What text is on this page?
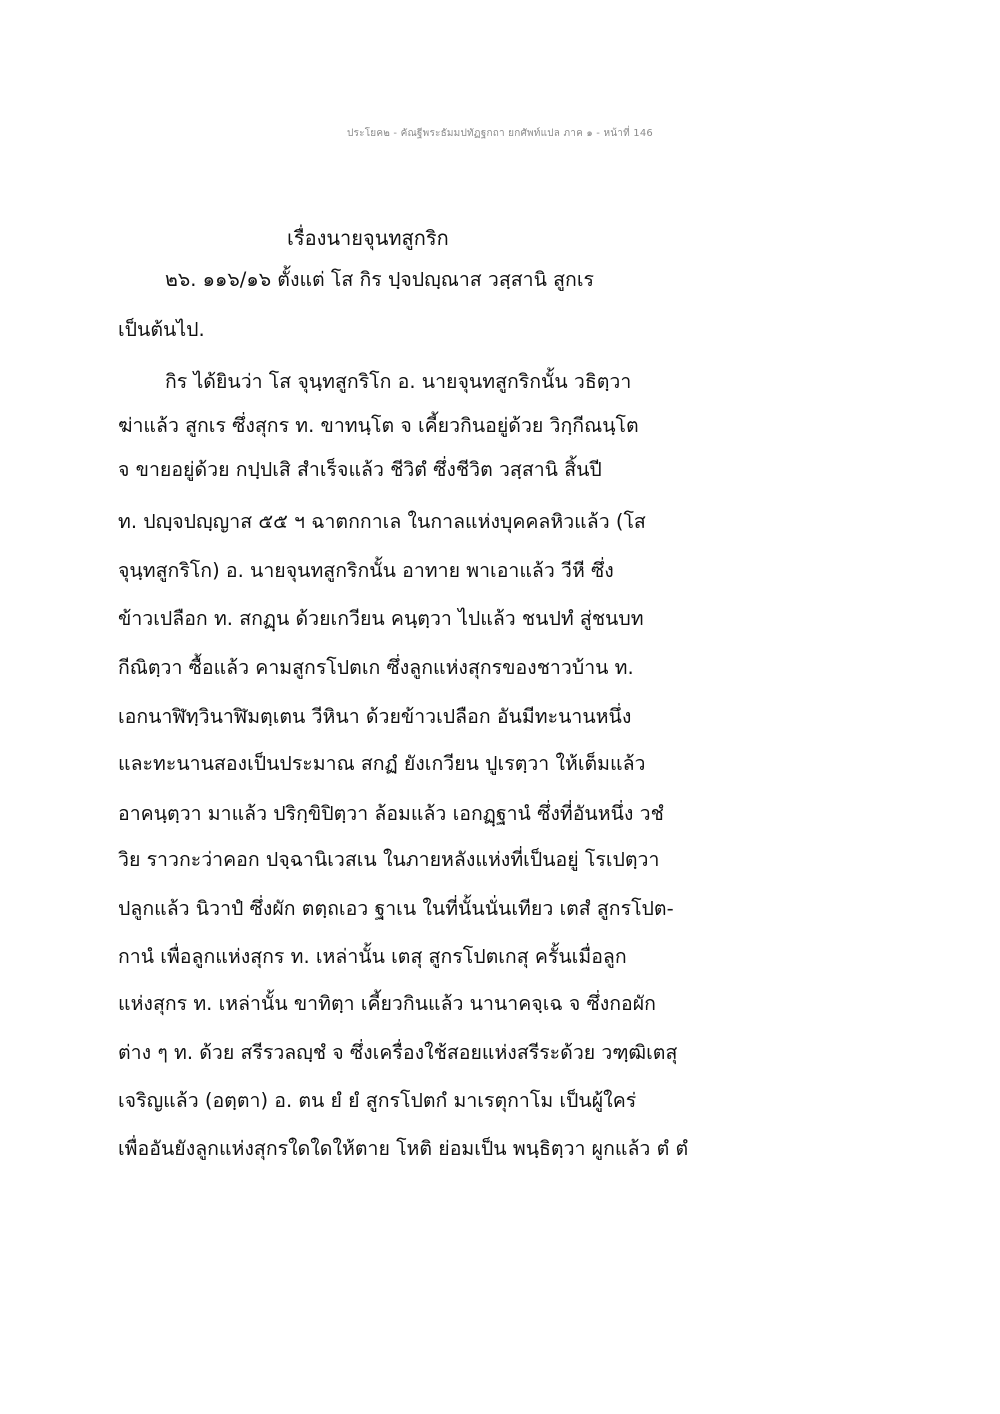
ประโยค๒ - คัณฐีพระธัมมปทัฏฐกถา ยกศัพท์แปล ภาค ๑ - หน้าที่ 146
เรื่องนายจุนทสูกริก
๒๖. ๑๑๖/๑๖ ตั้งแต่ โส กิร ปฺจปญฺณาส วสฺสานิ สูกเร
เป็นต้นไป.
กิร ได้ยินว่า โส จุนฺทสูกริโก อ. นายจุนทสูกริกนั้น วธิตฺวา
ฆ่าแล้ว สูกเร ซึ่งสุกร ท. ขาทนฺโต จ เคี้ยวกินอยู่ด้วย วิกฺกีณนฺโต
จ ขายอยู่ด้วย กปฺปเสิ สำเร็จแล้ว ชีวิตํ ซึ่งชีวิต วสฺสานิ สิ้นปี
ท. ปญฺจปญฺญาส ๕๕ ฯ ฉาตกกาเล ในกาลแห่งบุคคลหิวแล้ว (โส
จุนฺทสูกริโก) อ. นายจุนทสูกริกนั้น อาทาย พาเอาแล้ว วีหี ซึ่ง
ข้าวเปลือก ท. สกฏฺน ด้วยเกวียน คนฺตฺวา ไปแล้ว ชนปทํ สู่ชนบท
กีณิตฺวา ซื้อแล้ว คามสูกรโปตเก ซึ่งลูกแห่งสุกรของชาวบ้าน ท.
เอกนาฬิทฺวินาฬิมตฺเตน วีหินา ด้วยข้าวเปลือก อันมีทะนานหนึ่ง
และทะนานสองเป็นประมาณ สกฏํ ยังเกวียน ปูเรตฺวา ให้เต็มแล้ว
อาคนฺตฺวา มาแล้ว ปริกฺขิปิตฺวา ล้อมแล้ว เอกฏฺฐานํ ซึ่งที่อันหนึ่ง วชํ
วิย ราวกะว่าคอก ปจฺฉานิเวสเน ในภายหลังแห่งที่เป็นอยู่ โรเปตฺวา
ปลูกแล้ว นิวาปํ ซึ่งผัก ตตฺถเอว ฐาเน ในที่นั้นนั่นเทียว เตสํ สูกรโปต-
กานํ เพื่อลูกแห่งสุกร ท. เหล่านั้น เตสุ สูกรโปตเกสุ ครั้นเมื่อลูก
แห่งสุกร ท. เหล่านั้น ขาทิตฺา เคี้ยวกินแล้ว นานาคจฺเฉ จ ซึ่งกอผัก
ต่าง ๆ ท. ด้วย สรีรวลญฺชํ จ ซึ่งเครื่องใช้สอยแห่งสรีระด้วย วฑฺฒิเตสุ
เจริญแล้ว (อตฺตา) อ. ตน ยํ ยํ สูกรโปตกํ มาเรตุกาโม เป็นผู้ใคร่
เพื่ออันยังลูกแห่งสุกรใดใดให้ตาย โหติ ย่อมเป็น พนฺธิตฺวา ผูกแล้ว ตํ ตํ
